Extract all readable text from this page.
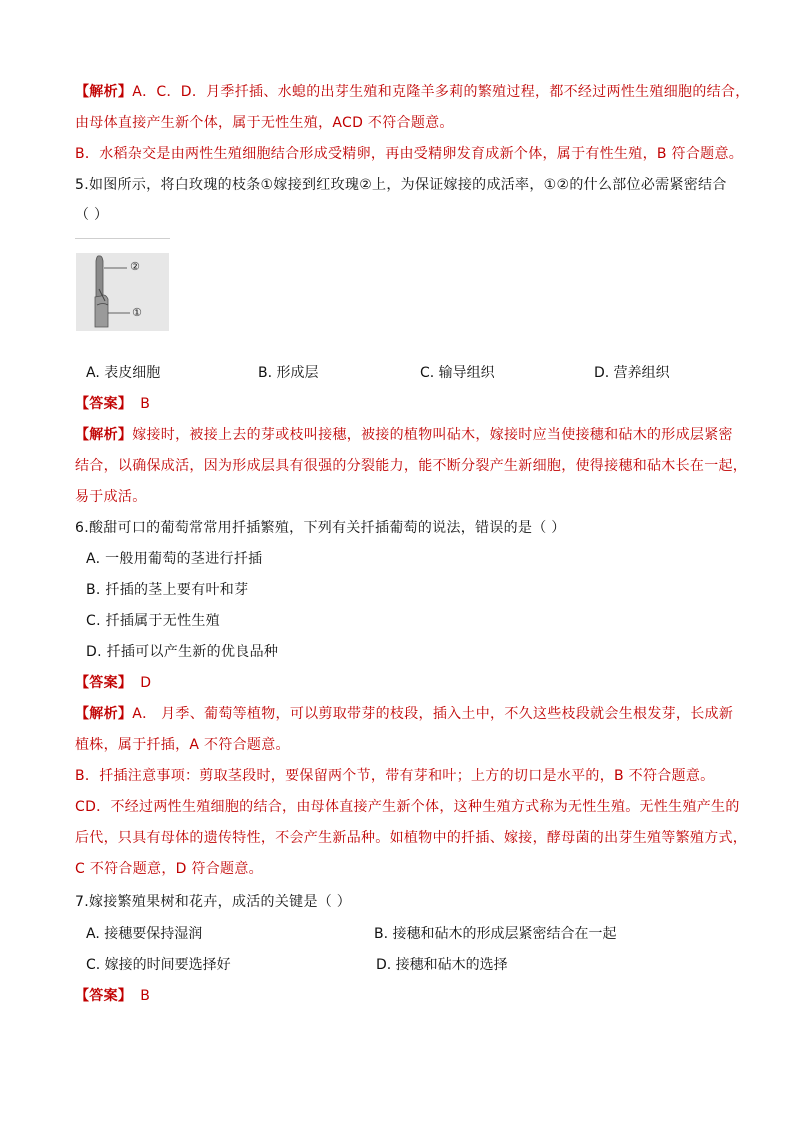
【解析】A．C．D．月季扦插、水螅的出芽生殖和克隆羊多莉的繁殖过程，都不经过两性生殖细胞的结合，
由母体直接产生新个体，属于无性生殖，ACD 不符合题意。
B．水稻杂交是由两性生殖细胞结合形成受精卵，再由受精卵发育成新个体，属于有性生殖，B 符合题意。
5.如图所示，将白玫瑰的枝条①嫁接到红玫瑰②上，为保证嫁接的成活率，①②的什么部位必需紧密结合
（ ）
②
①
A. 表皮细胞	B. 形成层	C. 输导组织	D. 营养组织
【答案】 B
【解析】嫁接时，被接上去的芽或枝叫接穗，被接的植物叫砧木，嫁接时应当使接穗和砧木的形成层紧密
结合，以确保成活，因为形成层具有很强的分裂能力，能不断分裂产生新细胞，使得接穗和砧木长在一起，
易于成活。
6.酸甜可口的葡萄常常用扦插繁殖，下列有关扦插葡萄的说法，错误的是（ ）
A. 一般用葡萄的茎进行扦插
B. 扦插的茎上要有叶和芽
C. 扦插属于无性生殖
D. 扦插可以产生新的优良品种
【答案】 D
【解析】A． 月季、葡萄等植物，可以剪取带芽的枝段，插入土中，不久这些枝段就会生根发芽，长成新
植株，属于扦插，A 不符合题意。
B．扦插注意事项：剪取茎段时，要保留两个节，带有芽和叶；上方的切口是水平的，B 不符合题意。
CD．不经过两性生殖细胞的结合，由母体直接产生新个体，这种生殖方式称为无性生殖。无性生殖产生的
后代，只具有母体的遗传特性，不会产生新品种。如植物中的扦插、嫁接，酵母菌的出芽生殖等繁殖方式，
C 不符合题意，D 符合题意。
7.嫁接繁殖果树和花卉，成活的关键是（ ）
A. 接穗要保持湿润	B. 接穗和砧木的形成层紧密结合在一起
C. 嫁接的时间要选择好	D. 接穗和砧木的选择
【答案】 B
